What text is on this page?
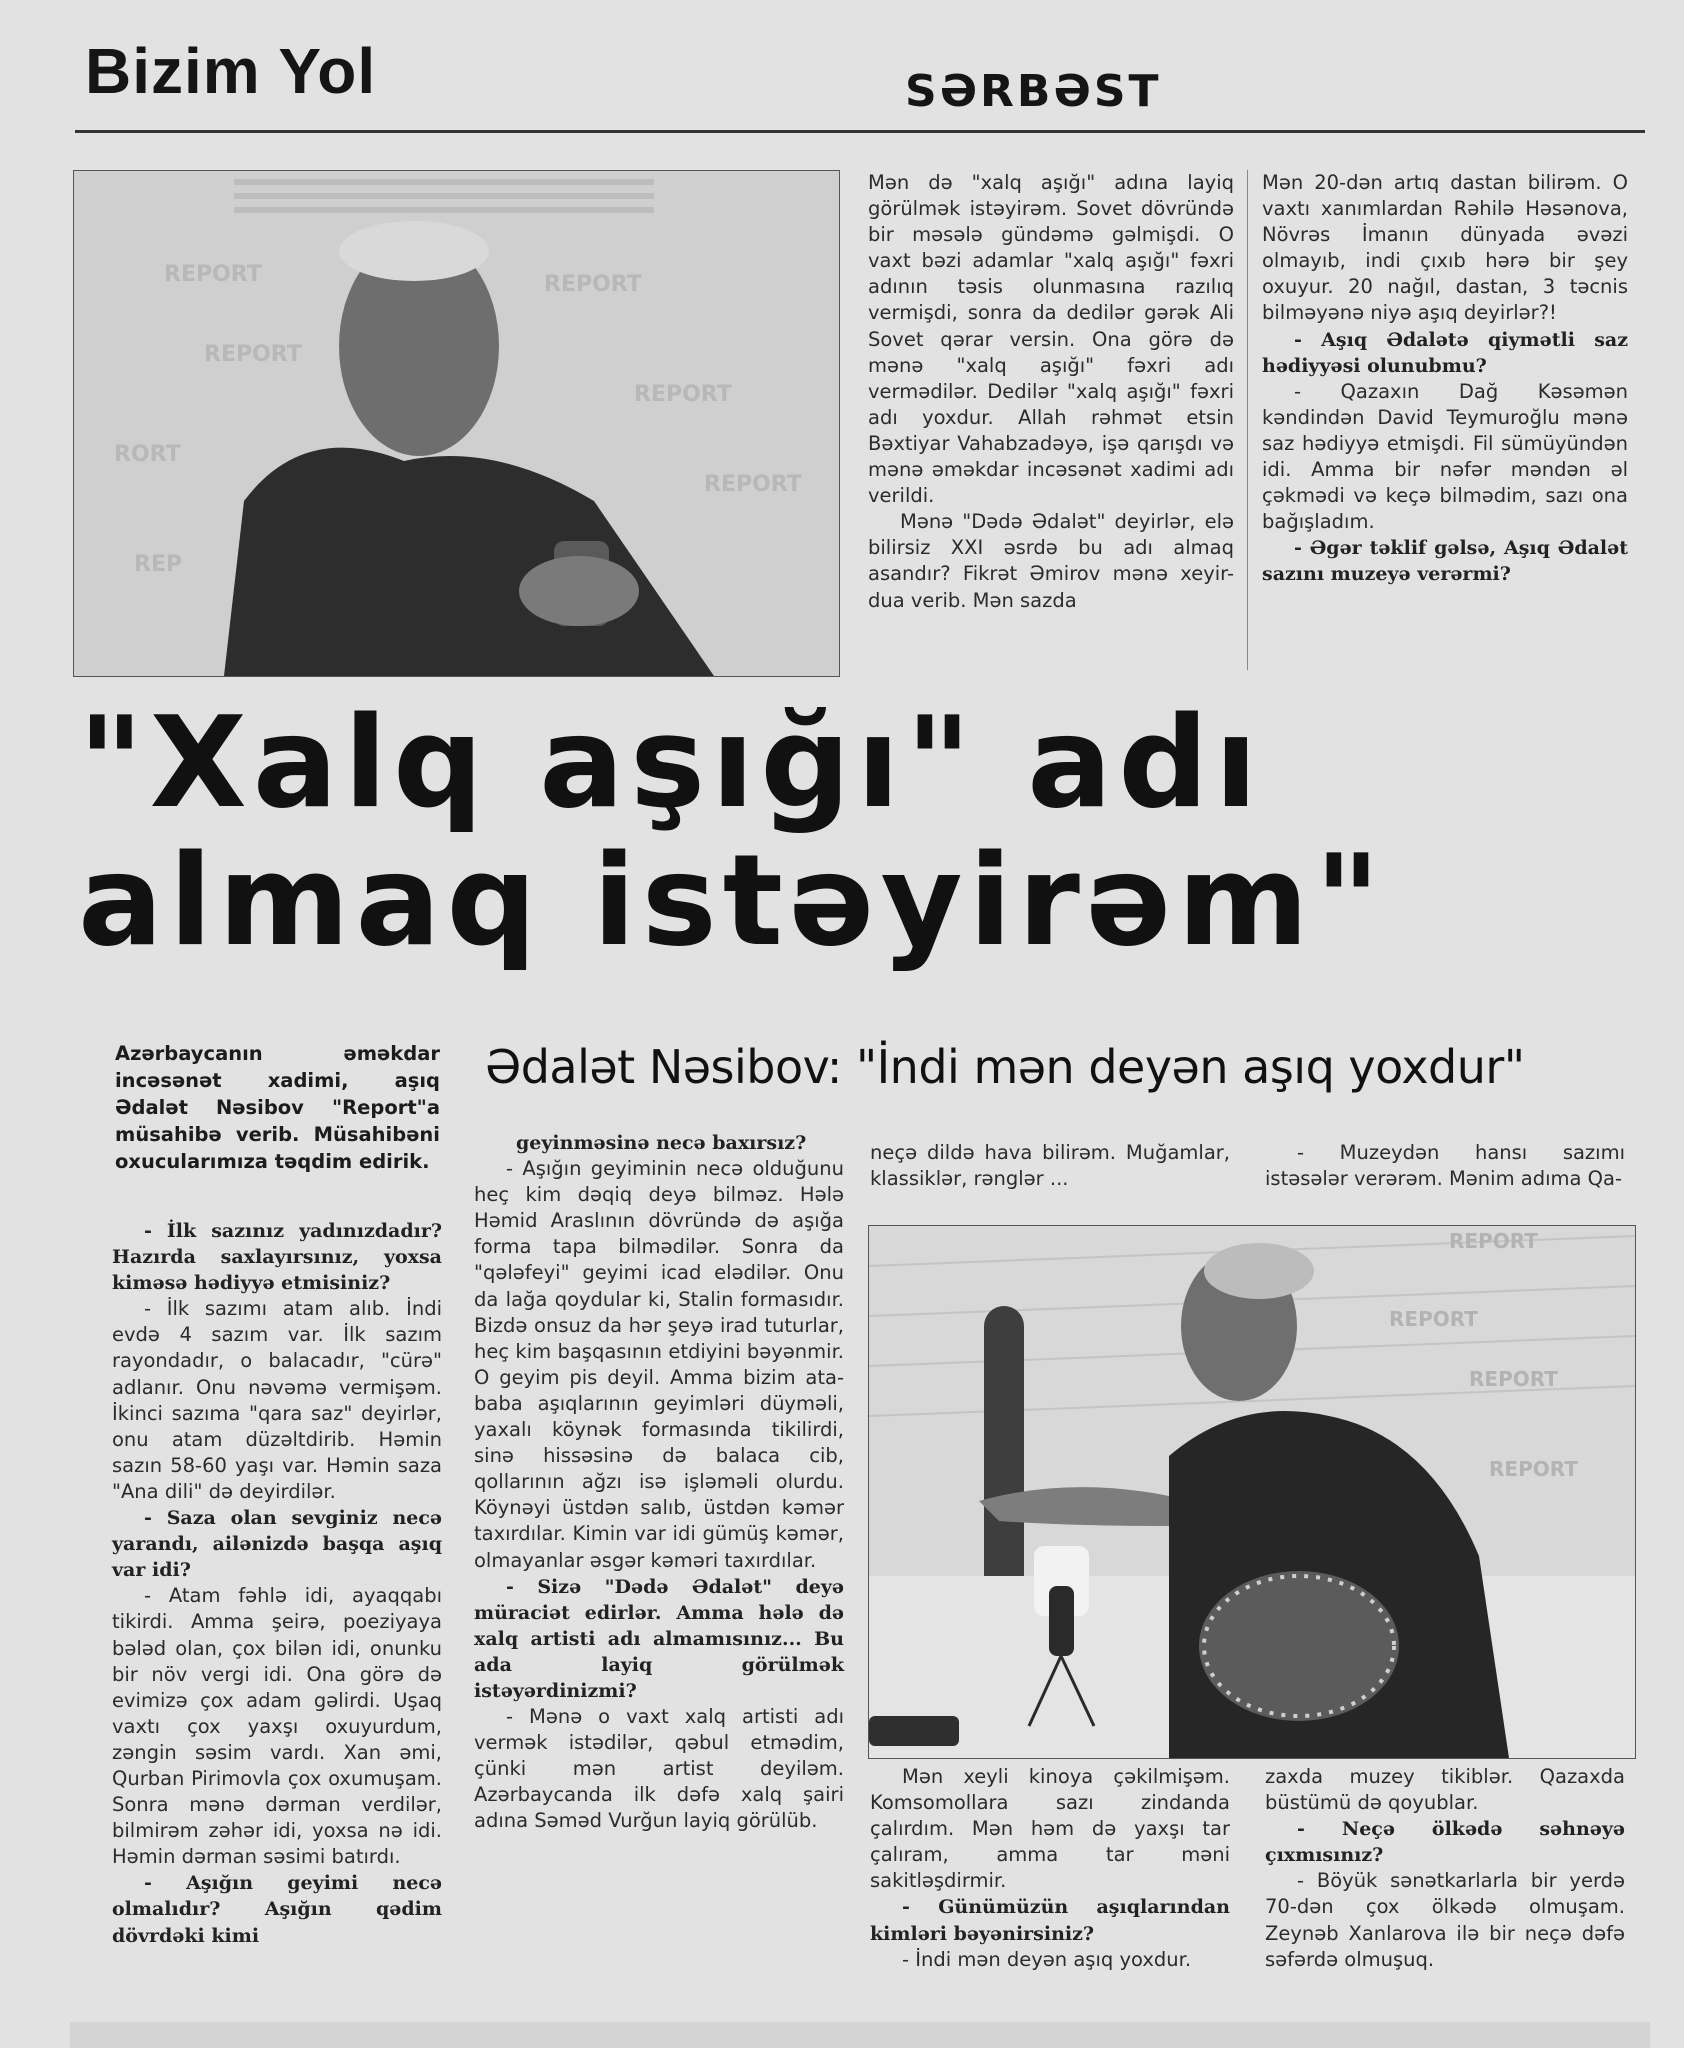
Bizim Yol	SƏRBƏST
REPORT	REPORT
REPORT
REPORT
RORT
REPORT
REP

Mən də "xalq aşığı" adına layiq görülmək istəyirəm. Sovet dövründə bir məsələ gündəmə gəlmişdi. O vaxt bəzi adamlar "xalq aşığı" fəxri adının təsis olunmasına razılıq vermişdi, sonra da dedilər gərək Ali Sovet qərar versin. Ona görə də mənə "xalq aşığı" fəxri adı vermədilər. Dedilər "xalq aşığı" fəxri adı yoxdur. Allah rəhmət etsin Bəxtiyar Vahabzadəyə, işə qarışdı və mənə əməkdar incəsənət xadimi adı verildi.

Mənə "Dədə Ədalət" deyirlər, elə bilirsiz XXI əsrdə bu adı almaq asandır? Fikrət Əmirov mənə xeyir-dua verib. Mən sazda

Mən 20-dən artıq dastan bilirəm. O vaxtı xanımlardan Rəhilə Həsənova, Növrəs İmanın dünyada əvəzi olmayıb, indi çıxıb hərə bir şey oxuyur. 20 nağıl, dastan, 3 təcnis bilməyənə niyə aşıq deyirlər?!

- Aşıq Ədalətə qiymətli saz hədiyyəsi olunubmu?

- Qazaxın Dağ Kəsəmən kəndindən David Teymuroğlu mənə saz hədiyyə etmişdi. Fil sümüyündən idi. Amma bir nəfər məndən əl çəkmədi və keçə bilmədim, sazı ona bağışladım.

- Əgər təklif gəlsə, Aşıq Ədalət sazını muzeyə verərmi?

"Xalq aşığı" adı
almaq istəyirəm"
Azərbaycanın əməkdar incəsənət xadimi, aşıq Ədalət Nəsibov "Report"a müsahibə verib. Müsahibəni oxucularımıza təqdim edirik.
Ədalət Nəsibov: "İndi mən deyən aşıq yoxdur"

- İlk sazınız yadınızdadır? Hazırda saxlayırsınız, yoxsa kiməsə hədiyyə etmisiniz?

- İlk sazımı atam alıb. İndi evdə 4 sazım var. İlk sazım rayondadır, o balacadır, "cürə" adlanır. Onu nəvəmə vermişəm. İkinci sazıma "qara saz" deyirlər, onu atam düzəltdirib. Həmin sazın 58-60 yaşı var. Həmin saza "Ana dili" də deyirdilər.

- Saza olan sevginiz necə yarandı, ailənizdə başqa aşıq var idi?

- Atam fəhlə idi, ayaqqabı tikirdi. Amma şeirə, poeziyaya bələd olan, çox bilən idi, onunku bir növ vergi idi. Ona görə də evimizə çox adam gəlirdi. Uşaq vaxtı çox yaxşı oxuyurdum, zəngin səsim vardı. Xan əmi, Qurban Pirimovla çox oxumuşam. Sonra mənə dərman verdilər, bilmirəm zəhər idi, yoxsa nə idi. Həmin dərman səsimi batırdı.

- Aşığın geyimi necə olmalıdır? Aşığın qədim dövrdəki kimi

geyinməsinə necə baxırsız?

- Aşığın geyiminin necə olduğunu heç kim dəqiq deyə bilməz. Hələ Həmid Araslının dövründə də aşığa forma tapa bilmədilər. Sonra da "qələfeyi" geyimi icad elədilər. Onu da lağa qoydular ki, Stalin formasıdır. Bizdə onsuz da hər şeyə irad tuturlar, heç kim başqasının etdiyini bəyənmir. O geyim pis deyil. Amma bizim ata-baba aşıqlarının geyimləri düyməli, yaxalı köynək formasında tikilirdi, sinə hissəsinə də balaca cib, qollarının ağzı isə işləməli olurdu. Köynəyi üstdən salıb, üstdən kəmər taxırdılar. Kimin var idi gümüş kəmər, olmayanlar əsgər kəməri taxırdılar.

- Sizə "Dədə Ədalət" deyə müraciət edirlər. Amma hələ də xalq artisti adı almamısınız... Bu ada layiq görülmək istəyərdinizmi?

- Mənə o vaxt xalq artisti adı vermək istədilər, qəbul etmədim, çünki mən artist deyiləm. Azərbaycanda ilk dəfə xalq şairi adına Səməd Vurğun layiq görülüb.

neçə dildə hava bilirəm. Muğamlar, klassiklər, rənglər ...

- Muzeydən hansı sazımı istəsələr verərəm. Mənim adıma Qa-

REPORT
REPORT
REPORT
REPORT

Mən xeyli kinoya çəkilmişəm. Komsomollara sazı zindanda çalırdım. Mən həm də yaxşı tar çalıram, amma tar məni sakitləşdirmir.

- Günümüzün aşıqlarından kimləri bəyənirsiniz?

- İndi mən deyən aşıq yoxdur.

zaxda muzey tikiblər. Qazaxda büstümü də qoyublar.

- Neçə ölkədə səhnəyə çıxmısınız?

- Böyük sənətkarlarla bir yerdə 70-dən çox ölkədə olmuşam. Zeynəb Xanlarova ilə bir neçə dəfə səfərdə olmuşuq.
